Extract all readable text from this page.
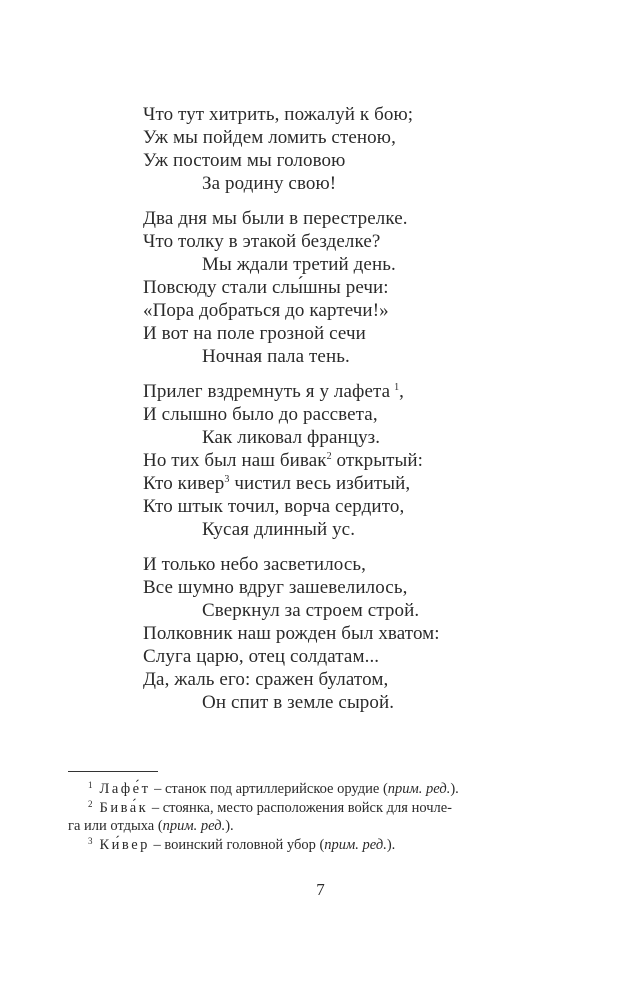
Что тут хитрить, пожалуй к бою;
Уж мы пойдем ломить стеною,
Уж постоим мы головою
За родину свою!
Два дня мы были в перестрелке.
Что толку в этакой безделке?
Мы ждали третий день.
Повсюду стали слы́шны речи:
«Пора добраться до картечи!»
И вот на поле грозной сечи
Ночная пала тень.
Прилег вздремнуть я у лафета  $^1$,
И слышно было до рассвета,
Как ликовал француз.
Но тих был наш бивак$^2$ открытый:
Кто кивер$^3$ чистил весь избитый,
Кто штык точил, ворча сердито,
Кусая длинный ус.
И только небо засветилось,
Все шумно вдруг зашевелилось,
Сверкнул за строем строй.
Полковник наш рожден был хватом:
Слуга царю, отец солдатам...
Да, жаль его: сражен булатом,
Он спит в земле сырой.
$^1$ Лафе́т – станок под артиллерийское орудие (прим. ред.).
$^2$ Бива́к – стоянка, место расположения войск для ночле-
га или отдыха (прим. ред.).
$^3$ Ки́вер – воинский головной убор (прим. ред.).
7
